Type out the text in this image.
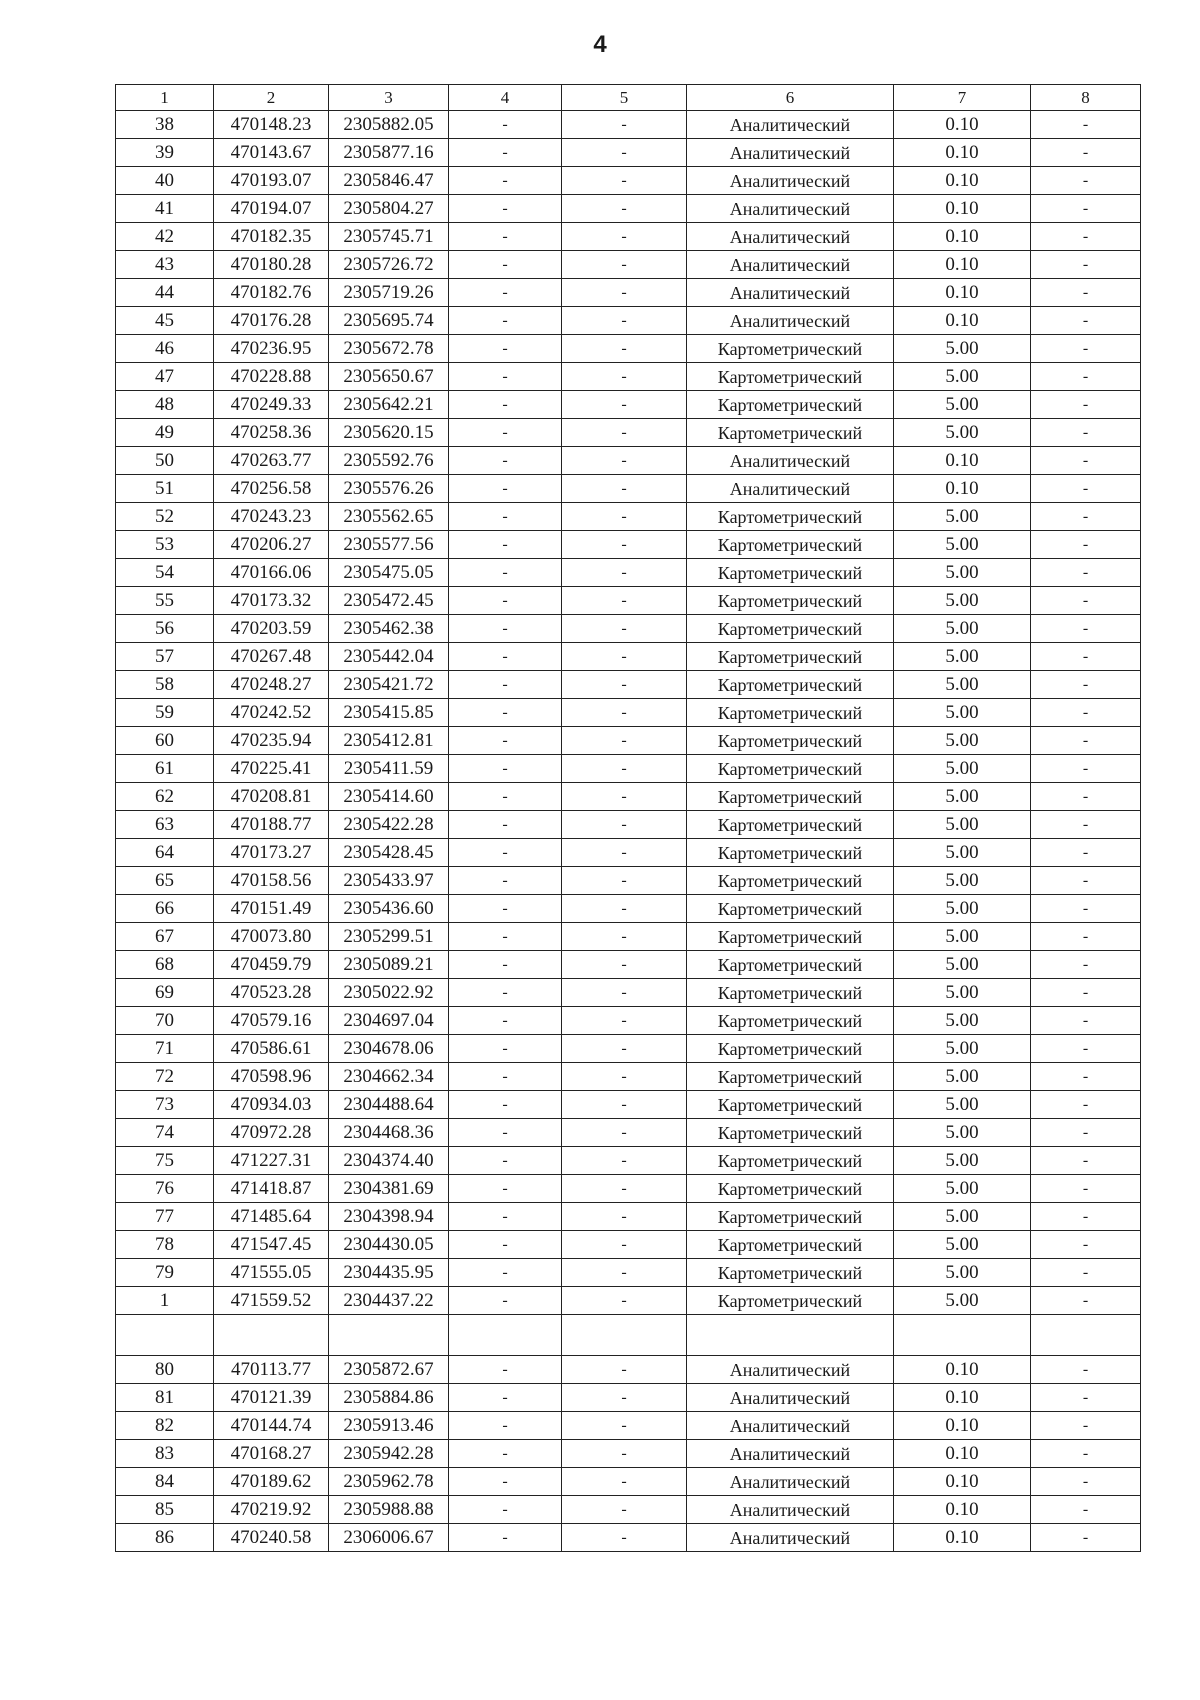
4
1	2	3	4	5	6	7	8
38	470148.23	2305882.05	-	-	Аналитический	0.10	-
39	470143.67	2305877.16	-	-	Аналитический	0.10	-
40	470193.07	2305846.47	-	-	Аналитический	0.10	-
41	470194.07	2305804.27	-	-	Аналитический	0.10	-
42	470182.35	2305745.71	-	-	Аналитический	0.10	-
43	470180.28	2305726.72	-	-	Аналитический	0.10	-
44	470182.76	2305719.26	-	-	Аналитический	0.10	-
45	470176.28	2305695.74	-	-	Аналитический	0.10	-
46	470236.95	2305672.78	-	-	Картометрический	5.00	-
47	470228.88	2305650.67	-	-	Картометрический	5.00	-
48	470249.33	2305642.21	-	-	Картометрический	5.00	-
49	470258.36	2305620.15	-	-	Картометрический	5.00	-
50	470263.77	2305592.76	-	-	Аналитический	0.10	-
51	470256.58	2305576.26	-	-	Аналитический	0.10	-
52	470243.23	2305562.65	-	-	Картометрический	5.00	-
53	470206.27	2305577.56	-	-	Картометрический	5.00	-
54	470166.06	2305475.05	-	-	Картометрический	5.00	-
55	470173.32	2305472.45	-	-	Картометрический	5.00	-
56	470203.59	2305462.38	-	-	Картометрический	5.00	-
57	470267.48	2305442.04	-	-	Картометрический	5.00	-
58	470248.27	2305421.72	-	-	Картометрический	5.00	-
59	470242.52	2305415.85	-	-	Картометрический	5.00	-
60	470235.94	2305412.81	-	-	Картометрический	5.00	-
61	470225.41	2305411.59	-	-	Картометрический	5.00	-
62	470208.81	2305414.60	-	-	Картометрический	5.00	-
63	470188.77	2305422.28	-	-	Картометрический	5.00	-
64	470173.27	2305428.45	-	-	Картометрический	5.00	-
65	470158.56	2305433.97	-	-	Картометрический	5.00	-
66	470151.49	2305436.60	-	-	Картометрический	5.00	-
67	470073.80	2305299.51	-	-	Картометрический	5.00	-
68	470459.79	2305089.21	-	-	Картометрический	5.00	-
69	470523.28	2305022.92	-	-	Картометрический	5.00	-
70	470579.16	2304697.04	-	-	Картометрический	5.00	-
71	470586.61	2304678.06	-	-	Картометрический	5.00	-
72	470598.96	2304662.34	-	-	Картометрический	5.00	-
73	470934.03	2304488.64	-	-	Картометрический	5.00	-
74	470972.28	2304468.36	-	-	Картометрический	5.00	-
75	471227.31	2304374.40	-	-	Картометрический	5.00	-
76	471418.87	2304381.69	-	-	Картометрический	5.00	-
77	471485.64	2304398.94	-	-	Картометрический	5.00	-
78	471547.45	2304430.05	-	-	Картометрический	5.00	-
79	471555.05	2304435.95	-	-	Картометрический	5.00	-
1	471559.52	2304437.22	-	-	Картометрический	5.00	-

80	470113.77	2305872.67	-	-	Аналитический	0.10	-
81	470121.39	2305884.86	-	-	Аналитический	0.10	-
82	470144.74	2305913.46	-	-	Аналитический	0.10	-
83	470168.27	2305942.28	-	-	Аналитический	0.10	-
84	470189.62	2305962.78	-	-	Аналитический	0.10	-
85	470219.92	2305988.88	-	-	Аналитический	0.10	-
86	470240.58	2306006.67	-	-	Аналитический	0.10	-
